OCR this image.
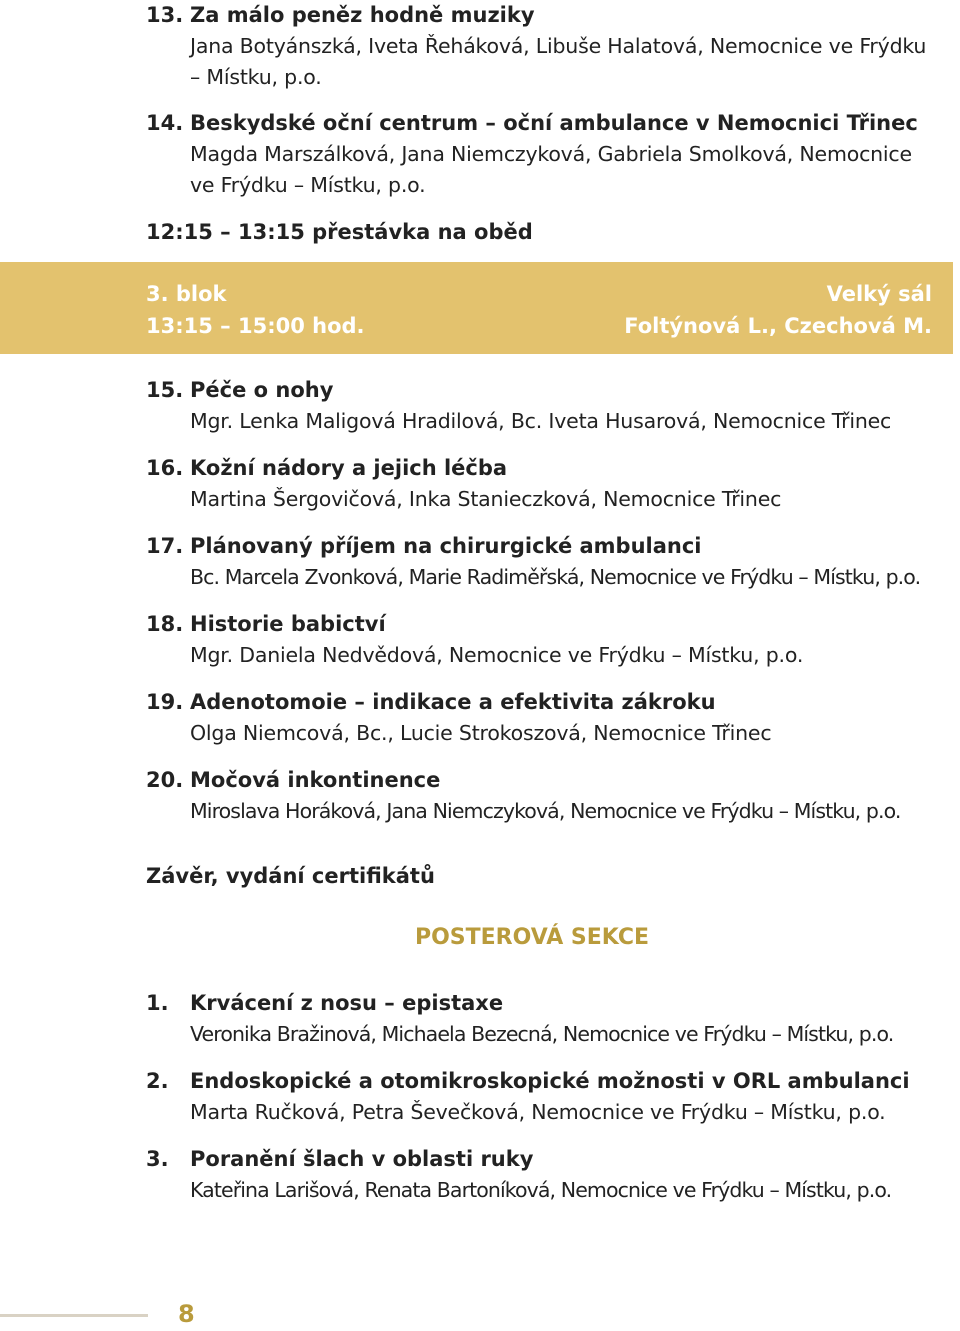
13. Za málo peněz hodně muziky
Jana Botyánszká, Iveta Řeháková, Libuše Halatová, Nemocnice ve Frýdku – Místku, p.o.
14. Beskydské oční centrum – oční ambulance v Nemocnici Třinec
Magda Marszálková, Jana Niemczyková, Gabriela Smolková, Nemocnice ve Frýdku – Místku, p.o.
12:15 – 13:15 přestávka na oběd
3. blok
13:15 – 15:00 hod.
Velký sál
Foltýnová L., Czechová M.
15. Péče o nohy
Mgr. Lenka Maligová Hradilová, Bc. Iveta Husarová, Nemocnice Třinec
16. Kožní nádory a jejich léčba
Martina Šergovičová, Inka Stanieczková, Nemocnice Třinec
17. Plánovaný příjem na chirurgické ambulanci
Bc. Marcela Zvonková, Marie Radiměřská, Nemocnice ve Frýdku – Místku, p.o.
18. Historie babictví
Mgr. Daniela Nedvědová, Nemocnice ve Frýdku – Místku, p.o.
19. Adenotomoie – indikace a efektivita zákroku
Olga Niemcová, Bc., Lucie Strokoszová, Nemocnice Třinec
20. Močová inkontinence
Miroslava Horáková, Jana Niemczyková, Nemocnice ve Frýdku – Místku, p.o.
Závěr, vydání certifikátů
POSTEROVÁ SEKCE
1. Krvácení z nosu – epistaxe
Veronika Bražinová, Michaela Bezecná, Nemocnice ve Frýdku – Místku, p.o.
2. Endoskopické a otomikroskopické možnosti v ORL ambulanci
Marta Ručková, Petra Ševečková, Nemocnice ve Frýdku – Místku, p.o.
3. Poranění šlach v oblasti ruky
Kateřina Larišová, Renata Bartoníková, Nemocnice ve Frýdku – Místku, p.o.
8
